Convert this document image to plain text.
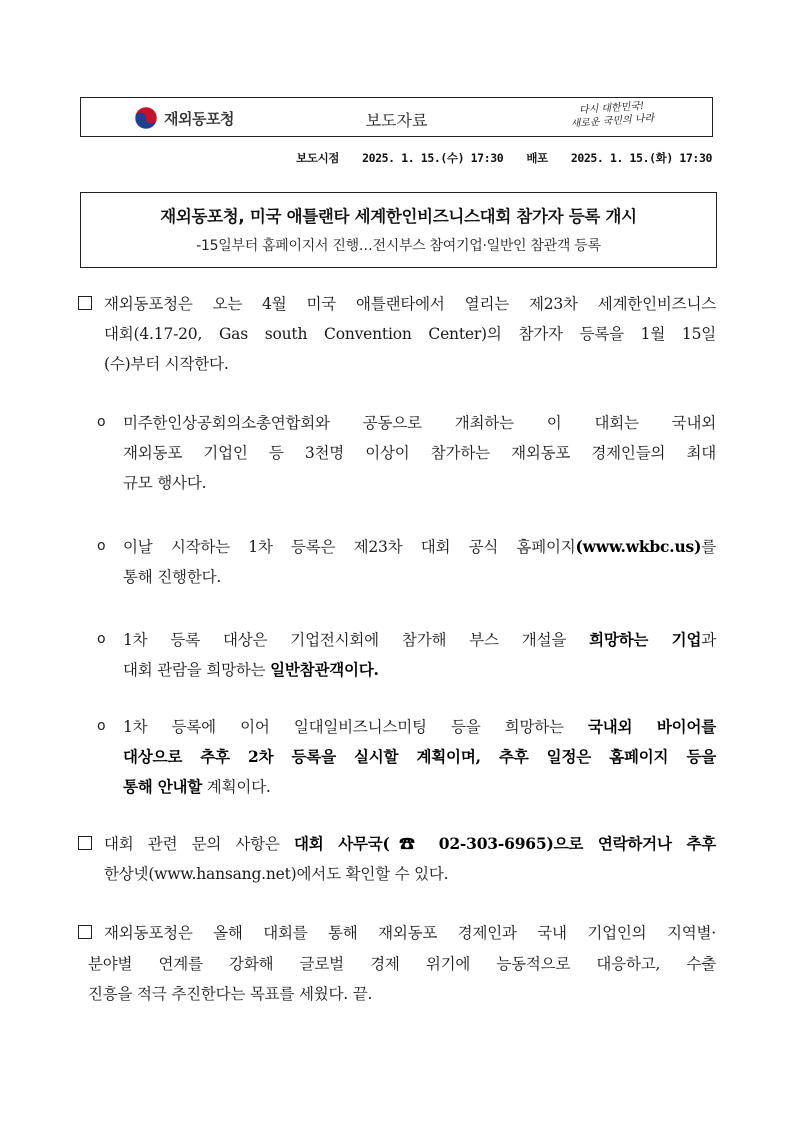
재외동포청	보도자료
다시 대한민국!
새로운 국민의 나라
보도시점 2025. 1. 15.(수) 17:30 배포 2025. 1. 15.(화) 17:30
재외동포청, 미국 애틀랜타 세계한인비즈니스대회 참가자 등록 개시
-15일부터 홈페이지서 진행…전시부스 참여기업·일반인 참관객 등록
재외동포청은 오는 4월 미국 애틀랜타에서 열리는 제23차 세계한인비즈니스
대회(4.17-20, Gas south Convention Center)의 참가자 등록을 1월 15일
(수)부터 시작한다.
o 미주한인상공회의소총연합회와 공동으로 개최하는 이 대회는 국내외
재외동포 기업인 등 3천명 이상이 참가하는 재외동포 경제인들의 최대
규모 행사다.
o 이날 시작하는 1차 등록은 제23차 대회 공식 홈페이지(www.wkbc.us)를
통해 진행한다.
o 1차 등록 대상은 기업전시회에 참가해 부스 개설을 희망하는 기업과
대회 관람을 희망하는 일반참관객이다.
o 1차 등록에 이어 일대일비즈니스미팅 등을 희망하는 국내외 바이어를
대상으로 추후 2차 등록을 실시할 계획이며, 추후 일정은 홈페이지 등을
통해 안내할 계획이다.
대회 관련 문의 사항은 대회 사무국(☎ 02-303-6965)으로 연락하거나 추후
한상넷(www.hansang.net)에서도 확인할 수 있다.
재외동포청은 올해 대회를 통해 재외동포 경제인과 국내 기업인의 지역별·
분야별 연계를 강화해 글로벌 경제 위기에 능동적으로 대응하고, 수출
진흥을 적극 추진한다는 목표를 세웠다. 끝.
